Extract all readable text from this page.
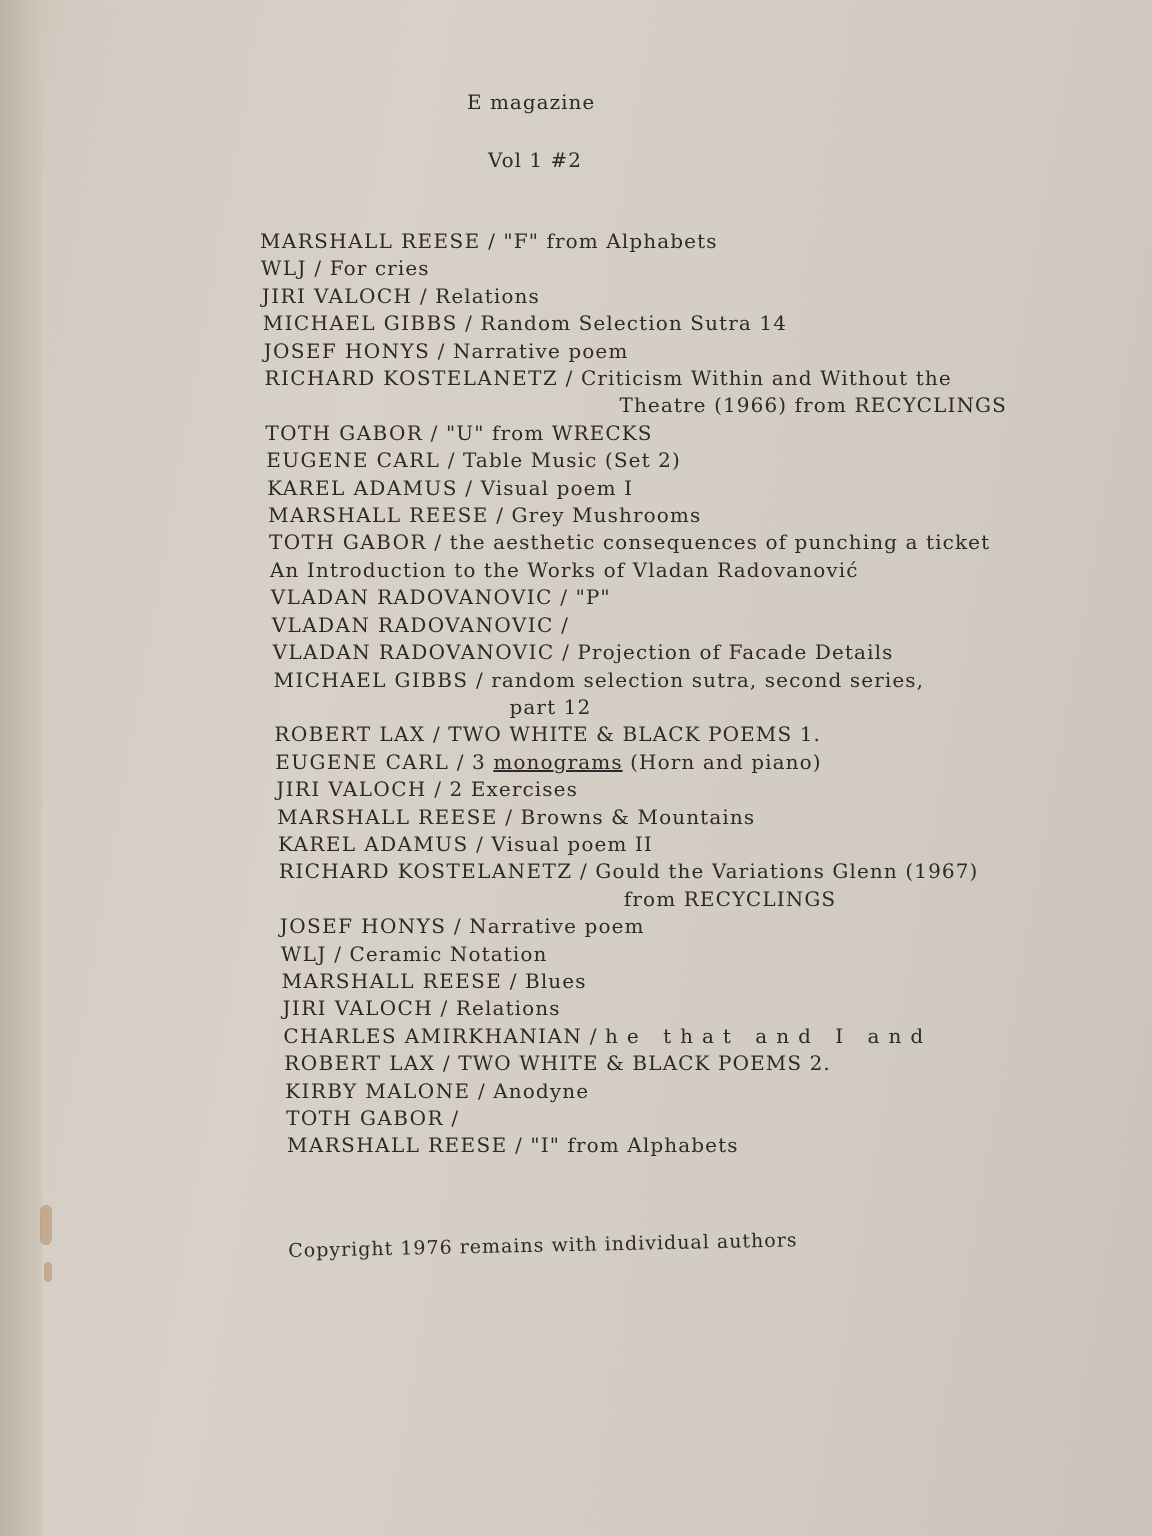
E magazine
Vol 1 #2
MARSHALL REESE / "F" from Alphabets
WLJ / For cries
JIRI VALOCH / Relations
MICHAEL GIBBS / Random Selection Sutra 14
JOSEF HONYS / Narrative poem
RICHARD KOSTELANETZ / Criticism Within and Without the
Theatre (1966) from RECYCLINGS
TOTH GABOR / "U" from WRECKS
EUGENE CARL / Table Music (Set 2)
KAREL ADAMUS / Visual poem I
MARSHALL REESE / Grey Mushrooms
TOTH GABOR / the aesthetic consequences of punching a ticket
An Introduction to the Works of Vladan Radovanović
VLADAN RADOVANOVIC / "P"
VLADAN RADOVANOVIC /
VLADAN RADOVANOVIC / Projection of Facade Details
MICHAEL GIBBS / random selection sutra, second series,
part 12
ROBERT LAX / TWO WHITE & BLACK POEMS 1.
EUGENE CARL / 3 monograms (Horn and piano)
JIRI VALOCH / 2 Exercises
MARSHALL REESE / Browns & Mountains
KAREL ADAMUS / Visual poem II
RICHARD KOSTELANETZ / Gould the Variations Glenn (1967)
from RECYCLINGS
JOSEF HONYS / Narrative poem
WLJ / Ceramic Notation
MARSHALL REESE / Blues
JIRI VALOCH / Relations
CHARLES AMIRKHANIAN / he that and I and
ROBERT LAX / TWO WHITE & BLACK POEMS 2.
KIRBY MALONE / Anodyne
TOTH GABOR /
MARSHALL REESE / "I" from Alphabets
Copyright 1976 remains with individual authors
